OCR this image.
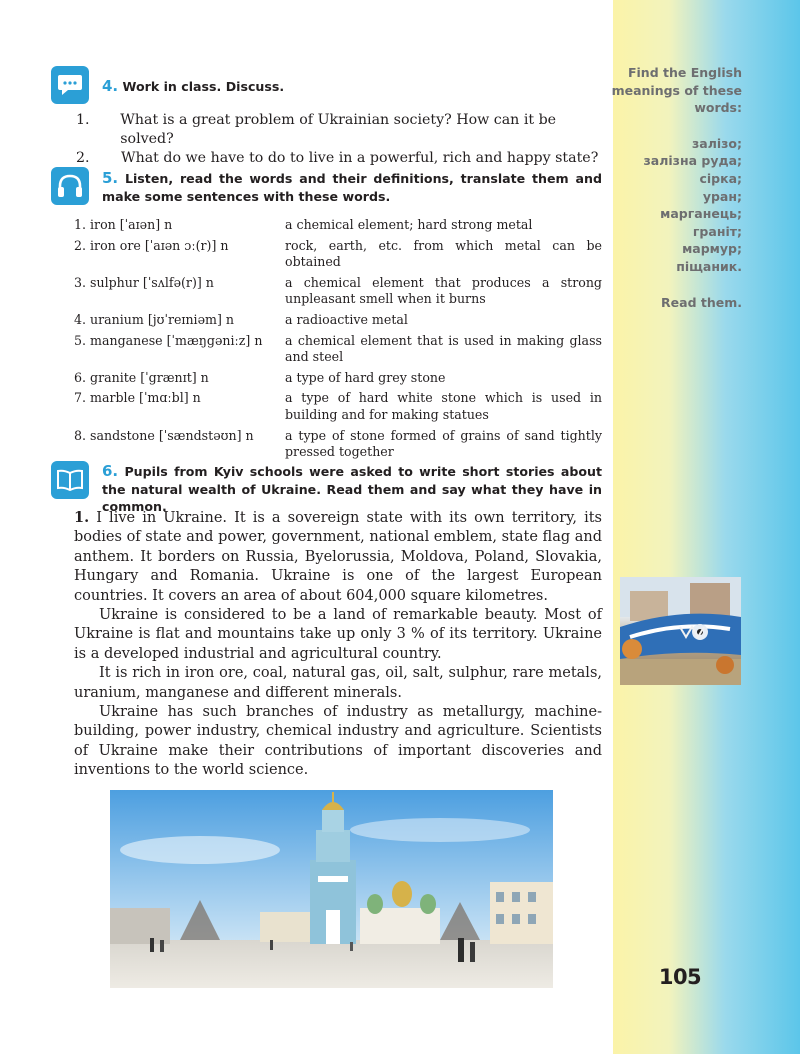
Find the English meanings of these words:
залізо;
залізна руда;
сірка;
уран;
марганець;
граніт;
мармур;
піщаник.
Read them.
105
4. Work in class. Discuss.
1.	What is a great problem of Ukrainian society? How can it be solved?
2.	What do we have to do to live in a powerful, rich and happy state?
5. Listen, read the words and their definitions, translate them and make some sentences with these words.
1. iron [ˈaɪən] n	a chemical element; hard strong metal
2. iron ore [ˈaɪən ɔː(r)] n	rock, earth, etc. from which metal can be obtained
3. sulphur [ˈsʌlfə(r)] n	a chemical element that produces a strong unpleasant smell when it burns
4. uranium [jʊˈreɪniəm] n	a radioactive metal
5. manganese [ˈmæŋgəniːz] n	a chemical element that is used in making glass and steel
6. granite [ˈgrænɪt] n	a type of hard grey stone
7. marble [ˈmɑːbl] n	a type of hard white stone which is used in building and for making statues
8. sandstone [ˈsændstəʊn] n	a type of stone formed of grains of sand tightly pressed together
6. Pupils from Kyiv schools were asked to write short stories about the natural wealth of Ukraine. Read them and say what they have in common.

1. I live in Ukraine. It is a sovereign state with its own territory, its bodies of state and power, government, national emblem, state flag and anthem. It borders on Russia, Byelorussia, Moldova, Poland, Slovakia, Hungary and Romania. Ukraine is one of the largest European countries. It covers an area of about 604,000 square kilometres.

Ukraine is considered to be a land of remarkable beauty. Most of Ukraine is flat and mountains take up only 3 % of its territory. Ukraine is a developed industrial and agricultural country.

It is rich in iron ore, coal, natural gas, oil, salt, sulphur, rare metals, uranium, manganese and different minerals.

Ukraine has such branches of industry as metallurgy, machine-building, power industry, chemical industry and agriculture. Scientists of Ukraine make their contributions of important discoveries and inventions to the world science.
